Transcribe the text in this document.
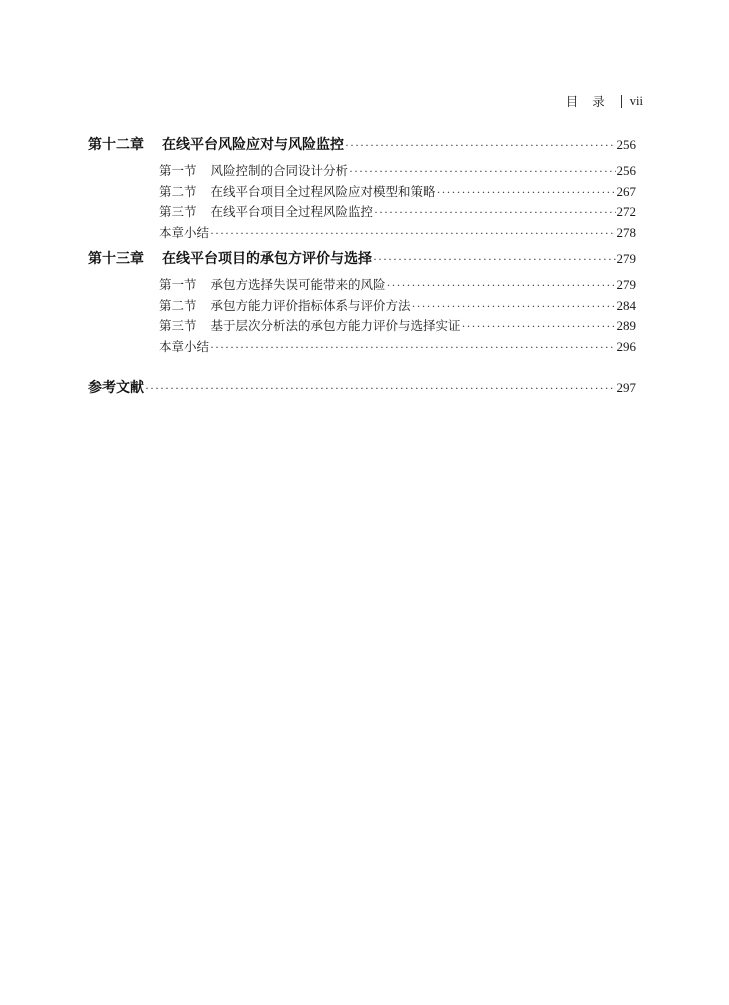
目录 vii
第十二章 在线平台风险应对与风险监控 ·····	256
第一节 风险控制的合同设计分析 ·····	256
第二节 在线平台项目全过程风险应对模型和策略 ·····	267
第三节 在线平台项目全过程风险监控 ·····	272
本章小结 ·····	278
第十三章 在线平台项目的承包方评价与选择 ·····	279
第一节 承包方选择失误可能带来的风险 ·····	279
第二节 承包方能力评价指标体系与评价方法 ·····	284
第三节 基于层次分析法的承包方能力评价与选择实证 ·····	289
本章小结 ·····	296
参考文献 ·····	297
